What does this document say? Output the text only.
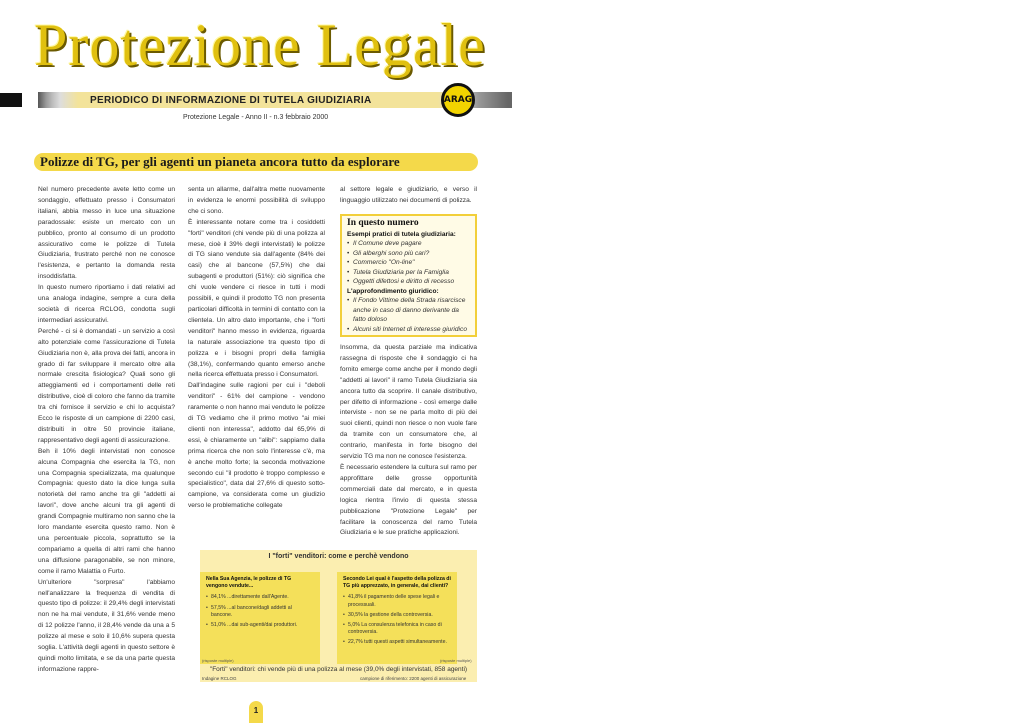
Protezione Legale
PERIODICO DI INFORMAZIONE DI TUTELA GIUDIZIARIA	ARAG
Protezione Legale - Anno II - n.3 febbraio 2000
Polizze di TG, per gli agenti un pianeta ancora tutto da esplorare

Nel numero precedente avete letto come un sondaggio, effettuato presso i Consumatori italiani, abbia messo in luce una situazione paradossale: esiste un mercato con un pubblico, pronto al consumo di un prodotto assicurativo come le polizze di Tutela Giudiziaria, frustrato perché non ne conosce l'esistenza, e pertanto la domanda resta insoddisfatta.

In questo numero riportiamo i dati relativi ad una analoga indagine, sempre a cura della società di ricerca RCLOG, condotta sugli intermediari assicurativi.

Perché - ci si è domandati - un servizio a così alto potenziale come l'assicurazione di Tutela Giudiziaria non è, alla prova dei fatti, ancora in grado di far sviluppare il mercato oltre alla normale crescita fisiologica? Quali sono gli atteggiamenti ed i comportamenti delle reti distributive, cioè di coloro che fanno da tramite tra chi fornisce il servizio e chi lo acquista? Ecco le risposte di un campione di 2200 casi, distribuiti in oltre 50 provincie italiane, rappresentativo degli agenti di assicurazione.

Beh il 10% degli intervistati non conosce alcuna Compagnia che esercita la TG, non una Compagnia specializzata, ma qualunque Compagnia: questo dato la dice lunga sulla notorietà del ramo anche tra gli "addetti ai lavori", dove anche alcuni tra gli agenti di grandi Compagnie multiramo non sanno che la loro mandante esercita questo ramo. Non è una percentuale piccola, soprattutto se la compariamo a quella di altri rami che hanno una diffusione paragonabile, se non minore, come il ramo Malattia o Furto.

Un'ulteriore "sorpresa" l'abbiamo nell'analizzare la frequenza di vendita di questo tipo di polizze: il 29,4% degli intervistati non ne ha mai vendute, il 31,6% vende meno di 12 polizze l'anno, il 28,4% vende da una a 5 polizze al mese e solo il 10,6% supera questa soglia. L'attività degli agenti in questo settore è quindi molto limitata, e se da una parte questa informazione rappre-

senta un allarme, dall'altra mette nuovamente in evidenza le enormi possibilità di sviluppo che ci sono.

È interessante notare come tra i cosiddetti "forti" venditori (chi vende più di una polizza al mese, cioè il 39% degli intervistati) le polizze di TG siano vendute sia dall'agente (84% dei casi) che al bancone (57,5%) che dai subagenti e produttori (51%): ciò significa che chi vuole vendere ci riesce in tutti i modi possibili, e quindi il prodotto TG non presenta particolari difficoltà in termini di contatto con la clientela. Un altro dato importante, che i "forti venditori" hanno messo in evidenza, riguarda la naturale associazione tra questo tipo di polizza e i bisogni propri della famiglia (38,1%), confermando quanto emerso anche nella ricerca effettuata presso i Consumatori.

Dall'indagine sulle ragioni per cui i "deboli venditori" - 61% del campione - vendono raramente o non hanno mai venduto le polizze di TG vediamo che il primo motivo "ai miei clienti non interessa", addotto dal 65,9% di essi, è chiaramente un "alibi": sappiamo dalla prima ricerca che non solo l'interesse c'è, ma è anche molto forte; la seconda motivazione secondo cui "il prodotto è troppo complesso e specialistico", data dal 27,6% di questo sotto-campione, va considerata come un giudizio verso le problematiche collegate

al settore legale e giudiziario, e verso il linguaggio utilizzato nei documenti di polizza.

In questo numero
Esempi pratici di tutela giudiziaria:
• Il Comune deve pagare
• Gli alberghi sono più cari?
• Commercio "On-line"
• Tutela Giudiziaria per la Famiglia
• Oggetti difettosi e diritto di recesso
L'approfondimento giuridico:
• Il Fondo Vittime della Strada risarcisce anche in caso di danno derivante da fatto doloso
• Alcuni siti Internet di interesse giuridico

Insomma, da questa parziale ma indicativa rassegna di risposte che il sondaggio ci ha fornito emerge come anche per il mondo degli "addetti ai lavori" il ramo Tutela Giudiziaria sia ancora tutto da scoprire. Il canale distributivo, per difetto di informazione - così emerge dalle interviste - non se ne parla molto di più dei suoi clienti, quindi non riesce o non vuole fare da tramite con un consumatore che, al contrario, manifesta in forte bisogno del servizio TG ma non ne conosce l'esistenza.

È necessario estendere la cultura sul ramo per approfittare delle grosse opportunità commerciali date dal mercato, e in questa logica rientra l'invio di questa stessa pubblicazione "Protezione Legale" per facilitare la conoscenza del ramo Tutela Giudiziaria e le sue pratiche applicazioni.

I "forti" venditori: come e perchè vendono
Nella Sua Agenzia, le polizze di TG vengono vendute...
• 84,1% ...direttamente dall'Agente.
• 57,5% ...al bancone/dagli addetti al bancone.
• 51,0% ...dai sub-agenti/dai produttori.
Secondo Lei qual è l'aspetto della polizza di TG più apprezzato, in generale, dai clienti?
• 41,8% il pagamento delle spese legali e processuali.
• 30,5% la gestione della controversia.
• 5,0% La consulenza telefonica in caso di controversia.
• 22,7% tutti questi aspetti simultaneamente.
(risposte multiple)	(risposte multiple)
"Forti" venditori: chi vende più di una polizza al mese (39,0% degli intervistati, 858 agenti)
Indagine RCLOG	campione di riferimento: 2200 agenti di assicurazione
1
